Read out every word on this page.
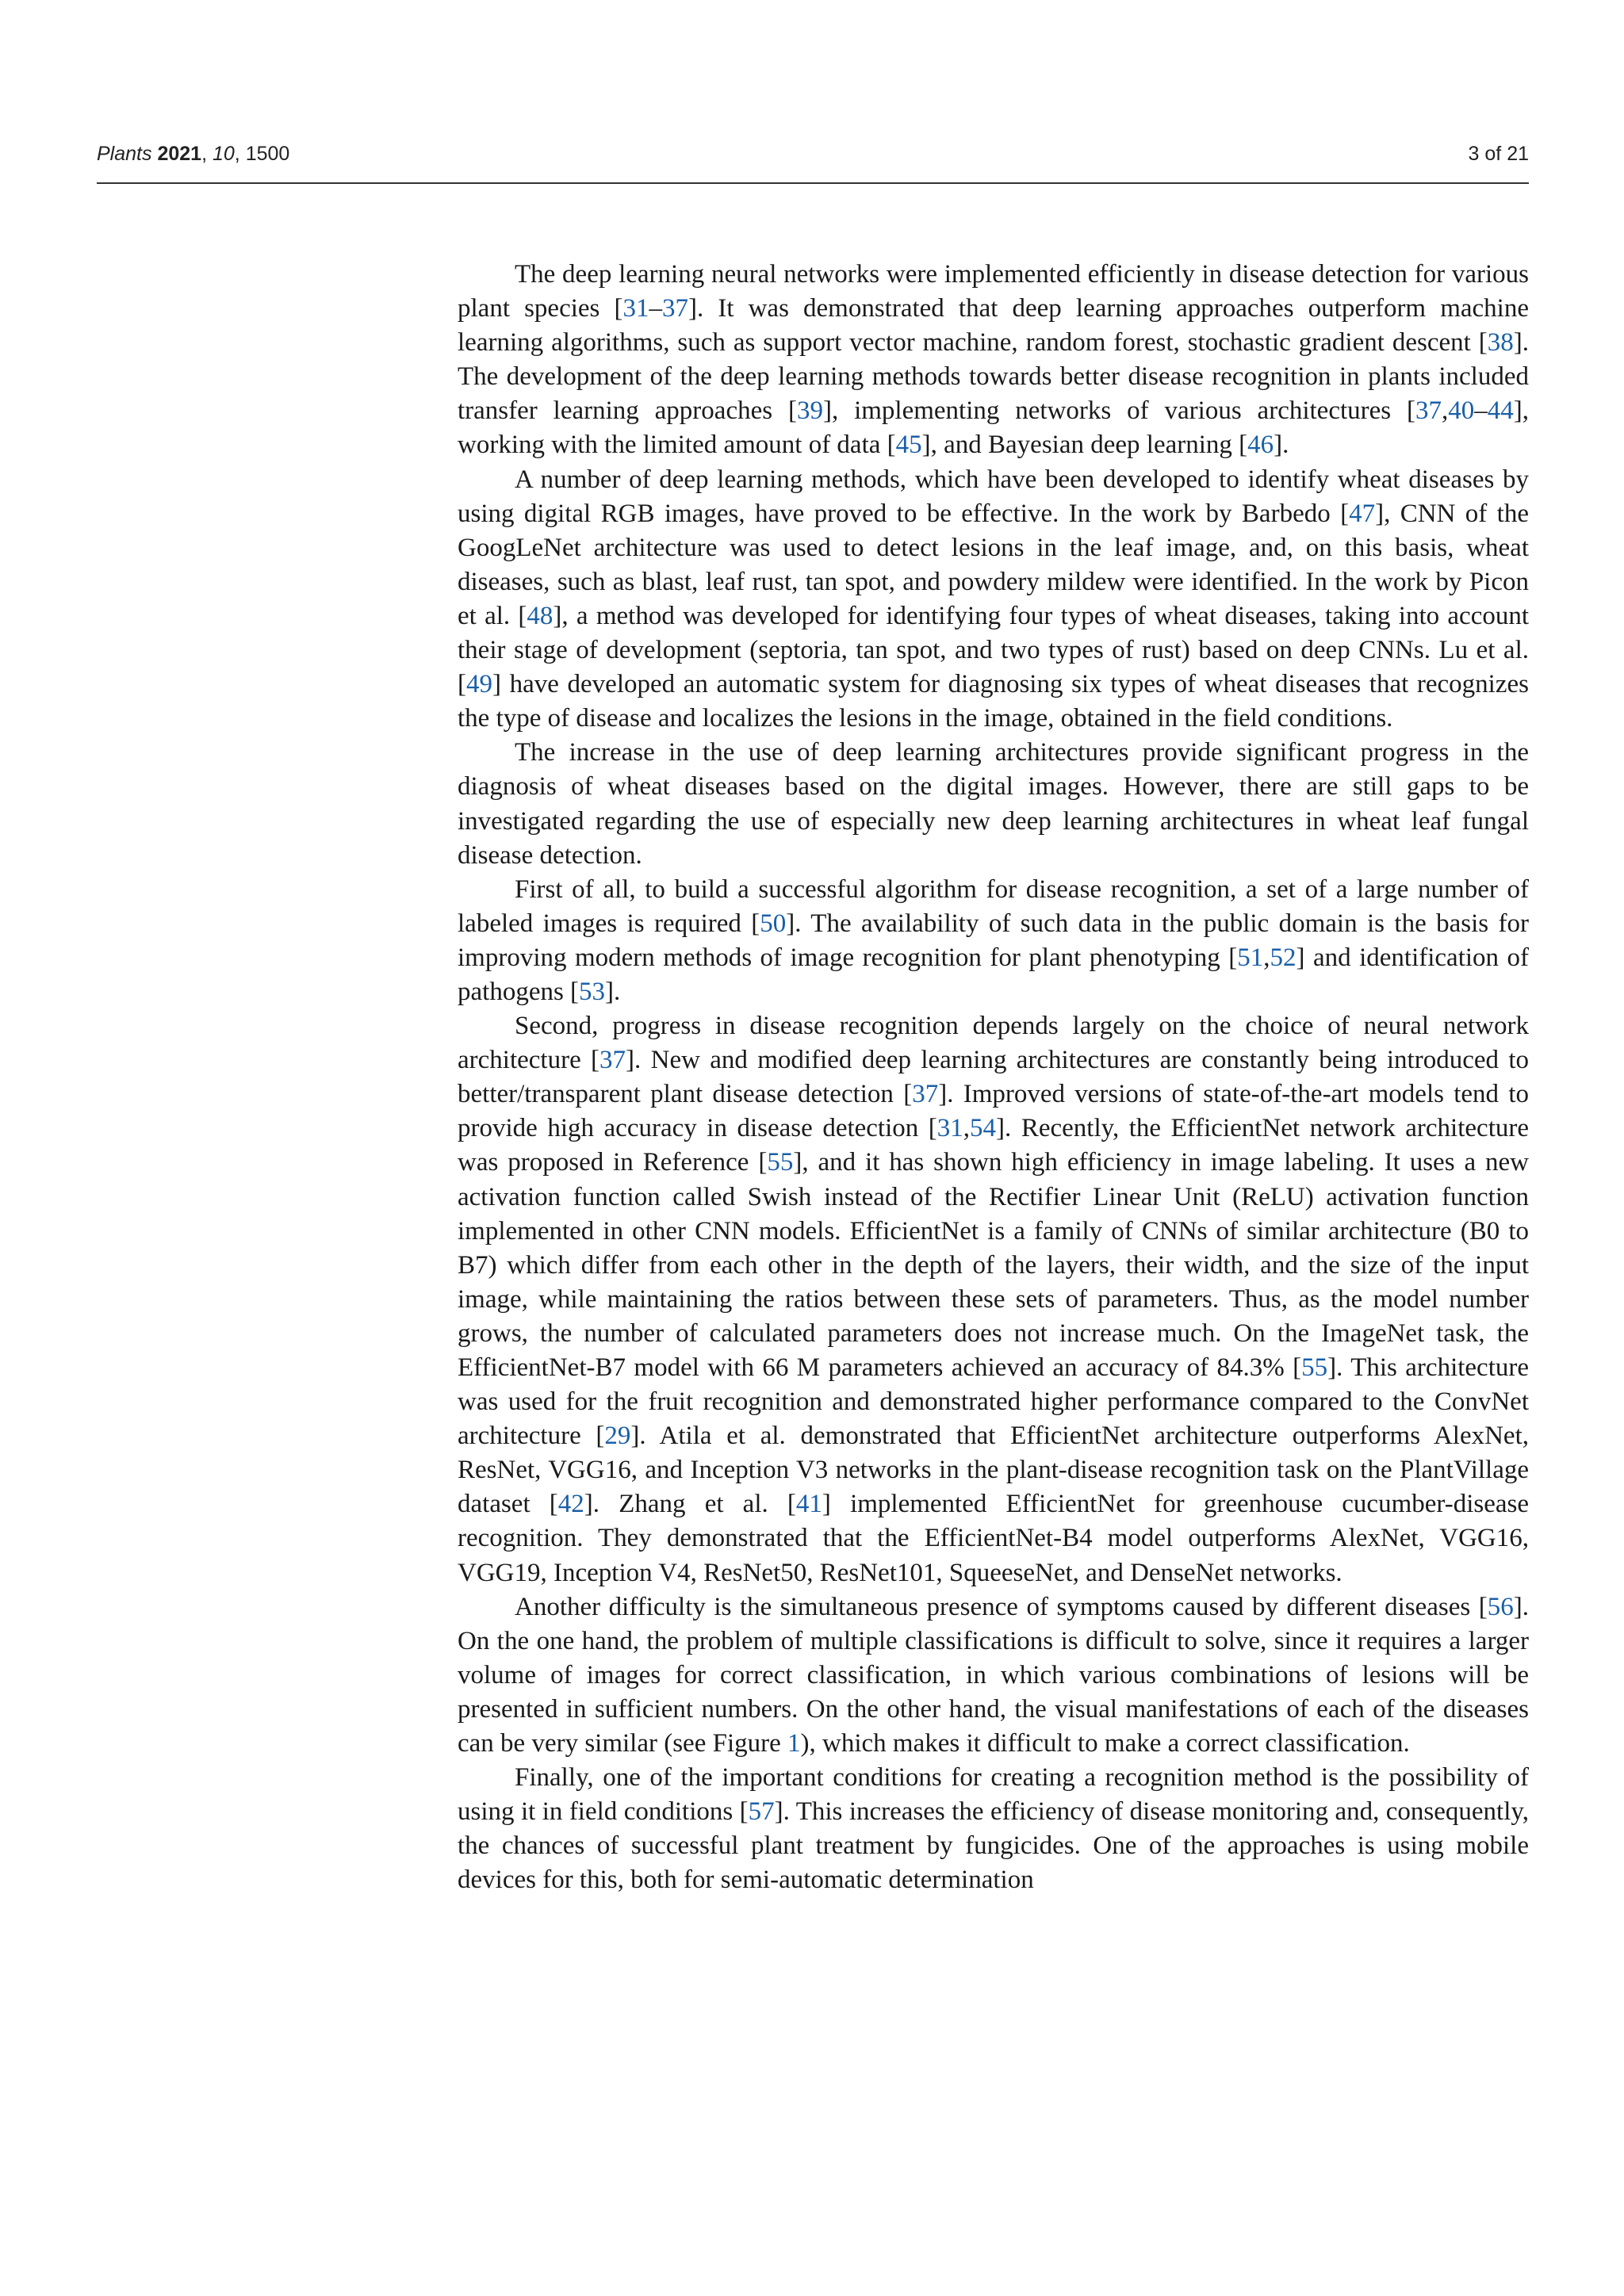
Plants 2021, 10, 1500	3 of 21

The deep learning neural networks were implemented efficiently in disease detection for various plant species [31–37]. It was demonstrated that deep learning approaches outperform machine learning algorithms, such as support vector machine, random forest, stochastic gradient descent [38]. The development of the deep learning methods towards better disease recognition in plants included transfer learning approaches [39], implementing networks of various architectures [37,40–44], working with the limited amount of data [45], and Bayesian deep learning [46].

A number of deep learning methods, which have been developed to identify wheat diseases by using digital RGB images, have proved to be effective. In the work by Barbedo [47], CNN of the GoogLeNet architecture was used to detect lesions in the leaf image, and, on this basis, wheat diseases, such as blast, leaf rust, tan spot, and powdery mildew were identified. In the work by Picon et al. [48], a method was developed for identifying four types of wheat diseases, taking into account their stage of development (septoria, tan spot, and two types of rust) based on deep CNNs. Lu et al. [49] have developed an automatic system for diagnosing six types of wheat diseases that recognizes the type of disease and localizes the lesions in the image, obtained in the field conditions.

The increase in the use of deep learning architectures provide significant progress in the diagnosis of wheat diseases based on the digital images. However, there are still gaps to be investigated regarding the use of especially new deep learning architectures in wheat leaf fungal disease detection.

First of all, to build a successful algorithm for disease recognition, a set of a large number of labeled images is required [50]. The availability of such data in the public domain is the basis for improving modern methods of image recognition for plant phenotyping [51,52] and identification of pathogens [53].

Second, progress in disease recognition depends largely on the choice of neural network architecture [37]. New and modified deep learning architectures are constantly being introduced to better/transparent plant disease detection [37]. Improved versions of state-of-the-art models tend to provide high accuracy in disease detection [31,54]. Recently, the EfficientNet network architecture was proposed in Reference [55], and it has shown high efficiency in image labeling. It uses a new activation function called Swish instead of the Rectifier Linear Unit (ReLU) activation function implemented in other CNN models. EfficientNet is a family of CNNs of similar architecture (B0 to B7) which differ from each other in the depth of the layers, their width, and the size of the input image, while maintaining the ratios between these sets of parameters. Thus, as the model number grows, the number of calculated parameters does not increase much. On the ImageNet task, the EfficientNet-B7 model with 66 M parameters achieved an accuracy of 84.3% [55]. This architecture was used for the fruit recognition and demonstrated higher performance compared to the ConvNet architecture [29]. Atila et al. demonstrated that EfficientNet architecture outperforms AlexNet, ResNet, VGG16, and Inception V3 networks in the plant-disease recognition task on the PlantVillage dataset [42]. Zhang et al. [41] implemented EfficientNet for greenhouse cucumber-disease recognition. They demonstrated that the EfficientNet-B4 model outperforms AlexNet, VGG16, VGG19, Inception V4, ResNet50, ResNet101, SqueeseNet, and DenseNet networks.

Another difficulty is the simultaneous presence of symptoms caused by different diseases [56]. On the one hand, the problem of multiple classifications is difficult to solve, since it requires a larger volume of images for correct classification, in which various combinations of lesions will be presented in sufficient numbers. On the other hand, the visual manifestations of each of the diseases can be very similar (see Figure 1), which makes it difficult to make a correct classification.

Finally, one of the important conditions for creating a recognition method is the possibility of using it in field conditions [57]. This increases the efficiency of disease monitoring and, consequently, the chances of successful plant treatment by fungicides. One of the approaches is using mobile devices for this, both for semi-automatic determination
